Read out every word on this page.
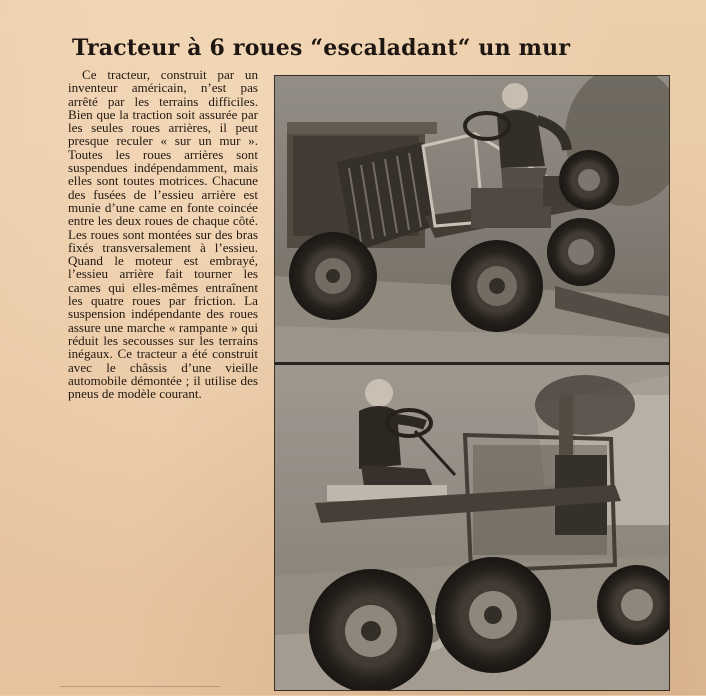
Tracteur à 6 roues “escaladant“ un mur

Ce tracteur, construit par un inventeur américain, n’est pas arrêté par les terrains difficiles. Bien que la traction soit assurée par les seules roues arrières, il peut presque reculer « sur un mur ». Toutes les roues arrières sont suspendues indépendamment, mais elles sont toutes motrices. Chacune des fusées de l’essieu arrière est munie d’une came en fonte coincée entre les deux roues de chaque côté. Les roues sont montées sur des bras fixés transversalement à l’essieu. Quand le moteur est embrayé, l’essieu arrière fait tourner les cames qui elles-mêmes entraînent les quatre roues par friction. La suspension indépendante des roues assure une marche « rampante » qui réduit les secousses sur les terrains inégaux. Ce tracteur a été construit avec le châssis d’une vieille automobile démontée ; il utilise des pneus de modèle courant.
